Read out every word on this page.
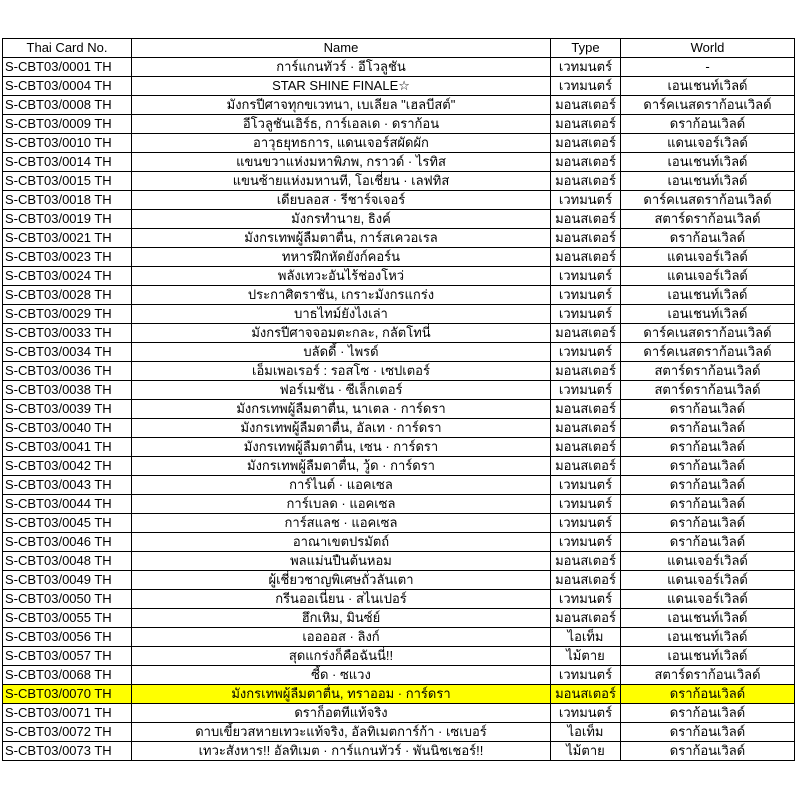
Thai Card No.	Name	Type	World
S-CBT03/0001 TH	การ์แกนทัวร์ · อีโวลูชัน	เวทมนตร์	-
S-CBT03/0004 TH	STAR SHINE FINALE☆	เวทมนตร์	เอนเชนท์เวิลด์
S-CBT03/0008 TH	มังกรปีศาจทุกขเวทนา, เบเลียล "เฮลบีสต์"	มอนสเตอร์	ดาร์คเนสดราก้อนเวิลด์
S-CBT03/0009 TH	อีโวลูชันเอิร์ธ, การ์เอลเด · ดราก้อน	มอนสเตอร์	ดราก้อนเวิลด์
S-CBT03/0010 TH	อาวุธยุทธการ, แดนเจอร์สผัดผัก	มอนสเตอร์	แดนเจอร์เวิลด์
S-CBT03/0014 TH	แขนขวาแห่งมหาพิภพ, กราวด์ · ไรทิส	มอนสเตอร์	เอนเชนท์เวิลด์
S-CBT03/0015 TH	แขนซ้ายแห่งมหานที, โอเชี่ยน · เลฟทิส	มอนสเตอร์	เอนเชนท์เวิลด์
S-CBT03/0018 TH	เดียบลอส · รีชาร์จเจอร์	เวทมนตร์	ดาร์คเนสดราก้อนเวิลด์
S-CBT03/0019 TH	มังกรทำนาย, ธิงค์	มอนสเตอร์	สตาร์ดราก้อนเวิลด์
S-CBT03/0021 TH	มังกรเทพผู้ลืมตาตื่น, การ์สเควอเรล	มอนสเตอร์	ดราก้อนเวิลด์
S-CBT03/0023 TH	ทหารฝึกหัดยังก์คอร์น	มอนสเตอร์	แดนเจอร์เวิลด์
S-CBT03/0024 TH	พลังเทวะอันไร้ช่องโหว่	เวทมนตร์	แดนเจอร์เวิลด์
S-CBT03/0028 TH	ประกาศิตราชัน, เกราะมังกรแกร่ง	เวทมนตร์	เอนเชนท์เวิลด์
S-CBT03/0029 TH	บาธไทม์ยังไงเล่า	เวทมนตร์	เอนเชนท์เวิลด์
S-CBT03/0033 TH	มังกรปีศาจจอมตะกละ, กลัตโทนี่	มอนสเตอร์	ดาร์คเนสดราก้อนเวิลด์
S-CBT03/0034 TH	บลัดดี้ · ไพรด์	เวทมนตร์	ดาร์คเนสดราก้อนเวิลด์
S-CBT03/0036 TH	เอ็มเพอเรอร์ : รอสโซ · เซปเตอร์	มอนสเตอร์	สตาร์ดราก้อนเวิลด์
S-CBT03/0038 TH	ฟอร์เมชัน · ซีเล็กเตอร์	เวทมนตร์	สตาร์ดราก้อนเวิลด์
S-CBT03/0039 TH	มังกรเทพผู้ลืมตาตื่น, นาเตล · การ์ดรา	มอนสเตอร์	ดราก้อนเวิลด์
S-CBT03/0040 TH	มังกรเทพผู้ลืมตาตื่น, อัลเท · การ์ดรา	มอนสเตอร์	ดราก้อนเวิลด์
S-CBT03/0041 TH	มังกรเทพผู้ลืมตาตื่น, เซน · การ์ดรา	มอนสเตอร์	ดราก้อนเวิลด์
S-CBT03/0042 TH	มังกรเทพผู้ลืมตาตื่น, วู้ด · การ์ดรา	มอนสเตอร์	ดราก้อนเวิลด์
S-CBT03/0043 TH	การ์ไนต์ · แอคเซล	เวทมนตร์	ดราก้อนเวิลด์
S-CBT03/0044 TH	การ์เบลด · แอคเซล	เวทมนตร์	ดราก้อนเวิลด์
S-CBT03/0045 TH	การ์สแลช · แอคเซล	เวทมนตร์	ดราก้อนเวิลด์
S-CBT03/0046 TH	อาณาเขตปรมัตถ์	เวทมนตร์	ดราก้อนเวิลด์
S-CBT03/0048 TH	พลแม่นปืนต้นหอม	มอนสเตอร์	แดนเจอร์เวิลด์
S-CBT03/0049 TH	ผู้เชี่ยวชาญพิเศษถั่วลันเตา	มอนสเตอร์	แดนเจอร์เวิลด์
S-CBT03/0050 TH	กรีนออเนี่ยน · สไนเปอร์	เวทมนตร์	แดนเจอร์เวิลด์
S-CBT03/0055 TH	ฮึกเหิม, มินซ์ย์	มอนสเตอร์	เอนเชนท์เวิลด์
S-CBT03/0056 TH	เออออส · ลิงก์	ไอเท็ม	เอนเชนท์เวิลด์
S-CBT03/0057 TH	สุดแกร่งก็คือฉันนี่!!	ไม้ตาย	เอนเชนท์เวิลด์
S-CBT03/0068 TH	ซี้ด · ซแวง	เวทมนตร์	สตาร์ดราก้อนเวิลด์
S-CBT03/0070 TH	มังกรเทพผู้ลืมตาตื่น, ทราออม · การ์ดรา	มอนสเตอร์	ดราก้อนเวิลด์
S-CBT03/0071 TH	ดราก็อตทีแท้จริง	เวทมนตร์	ดราก้อนเวิลด์
S-CBT03/0072 TH	ดาบเขี้ยวสหายเทวะแท้จริง, อัลทิเมตการ์ก้า · เซเบอร์	ไอเท็ม	ดราก้อนเวิลด์
S-CBT03/0073 TH	เทวะสังหาร!! อัลทิเมต · การ์แกนทัวร์ · พันนิชเชอร์!!	ไม้ตาย	ดราก้อนเวิลด์
